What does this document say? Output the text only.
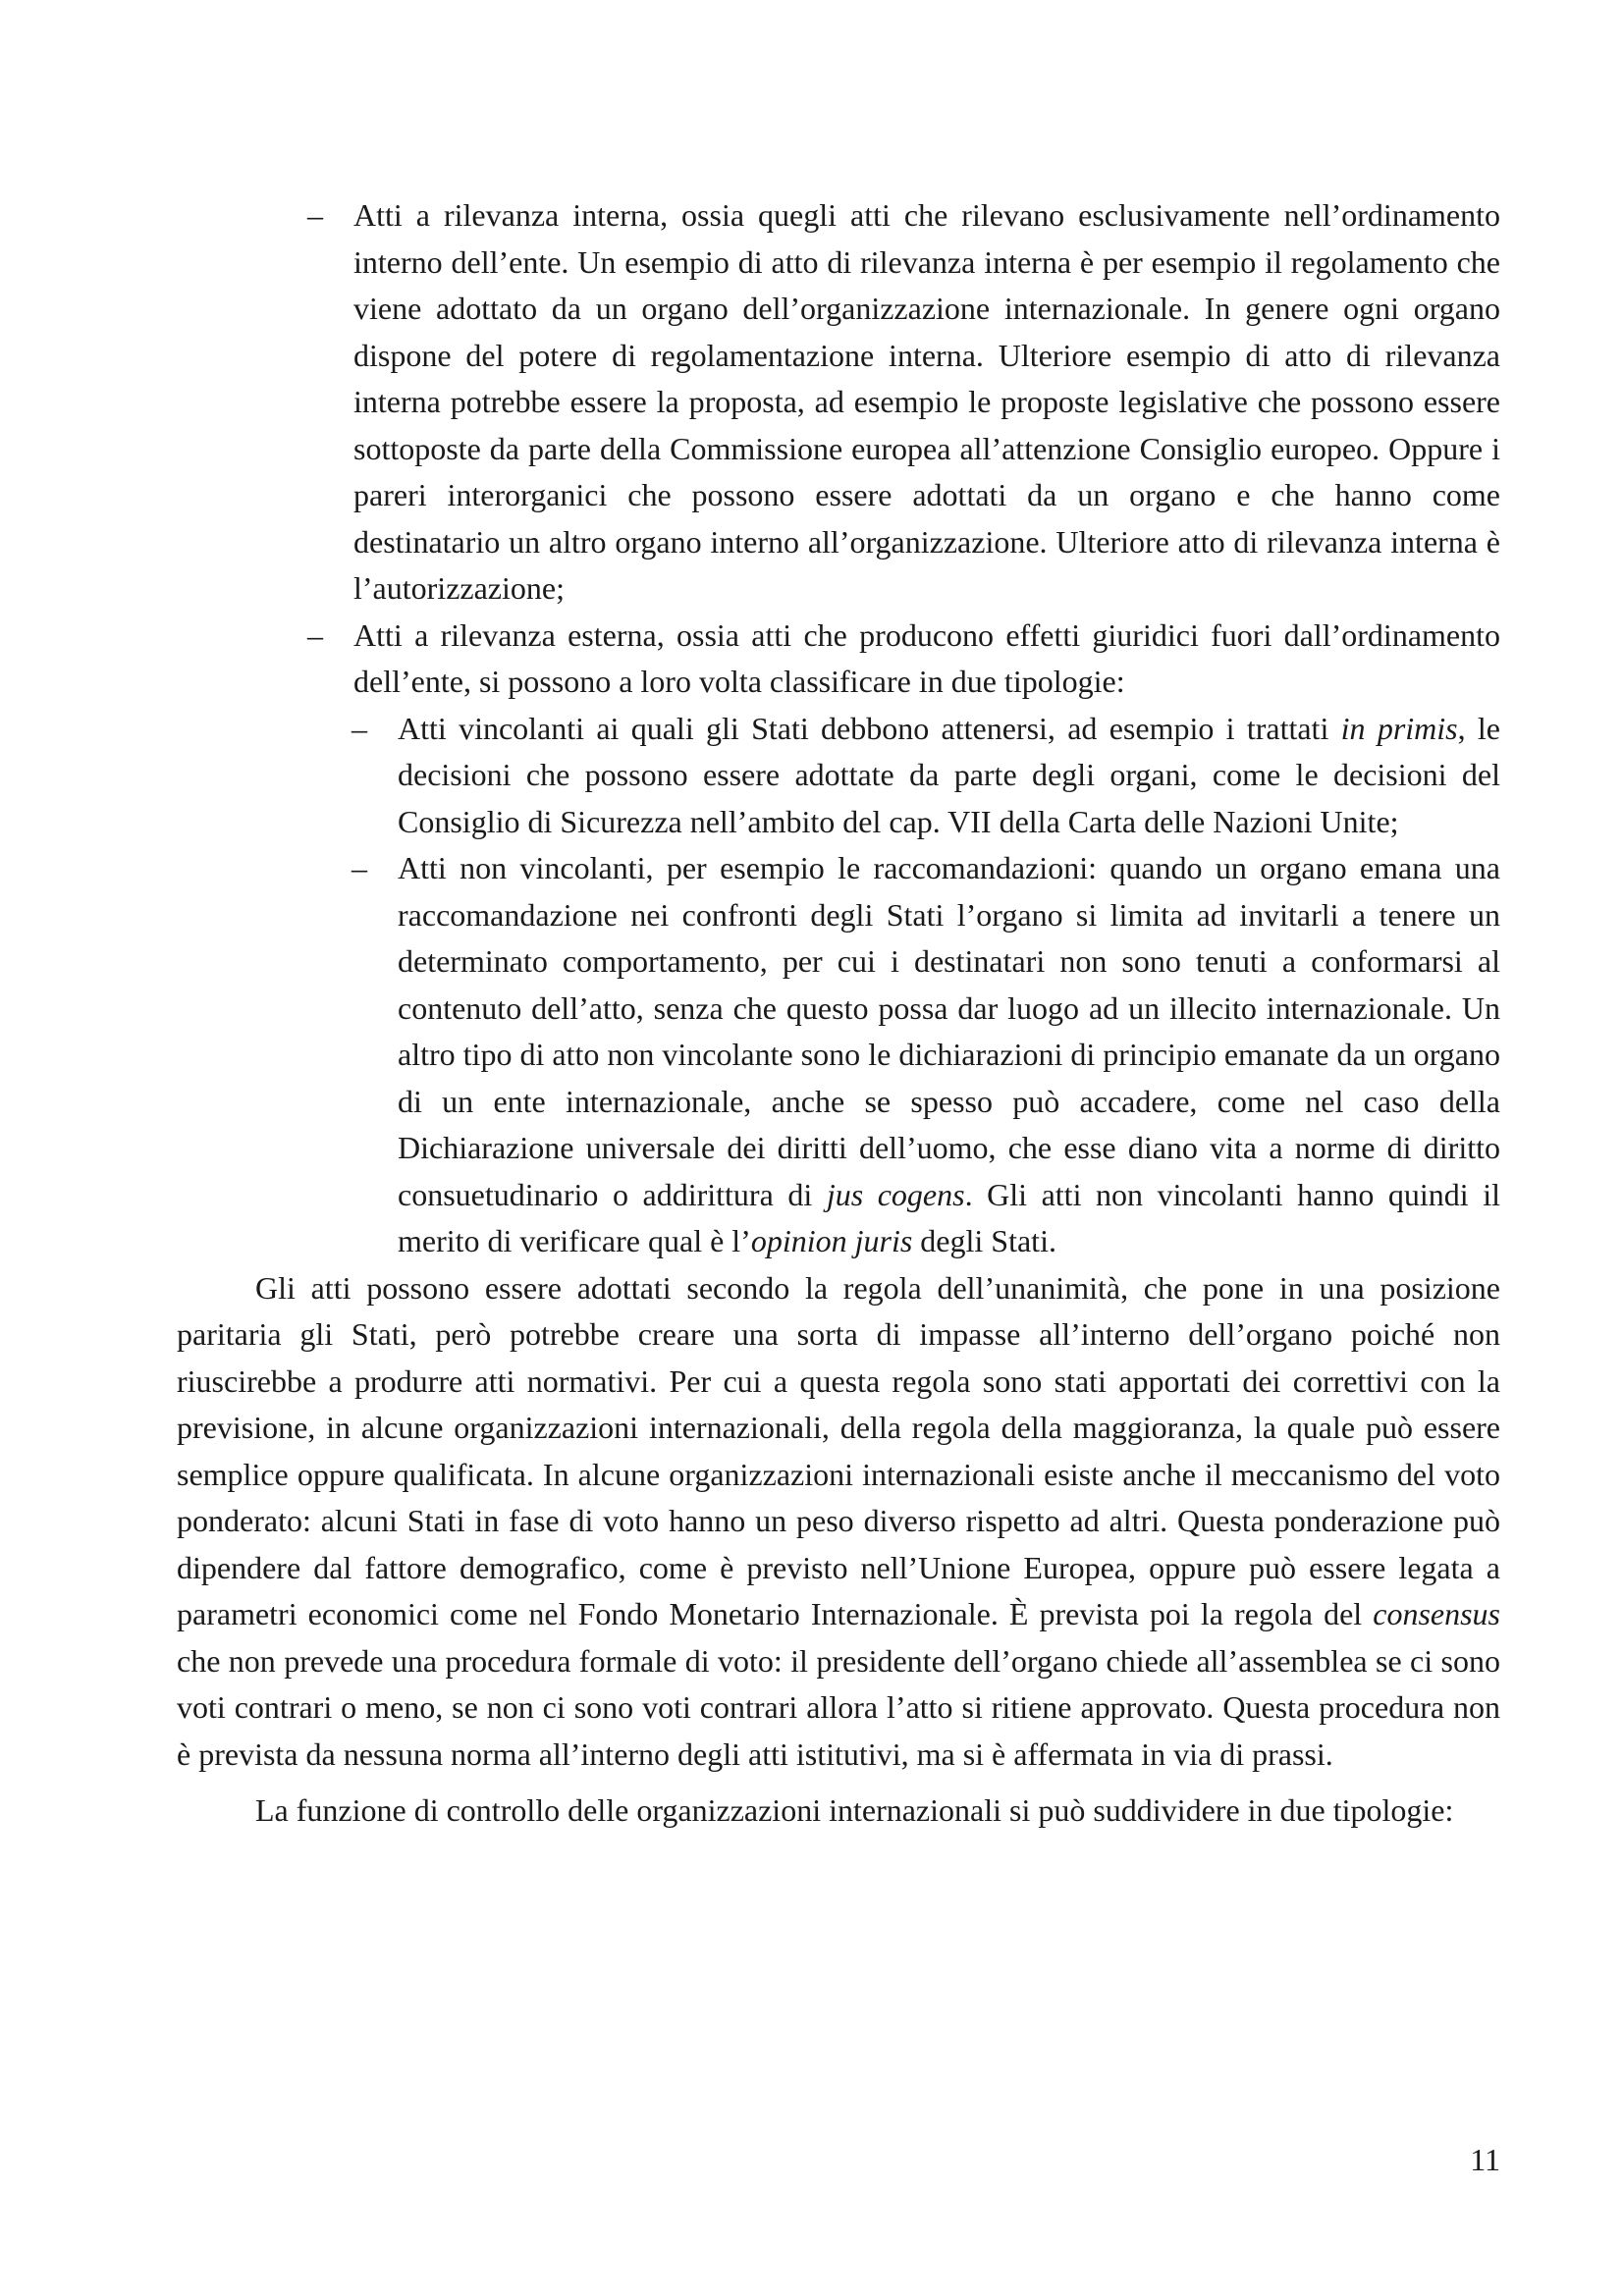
– Atti a rilevanza interna, ossia quegli atti che rilevano esclusivamente nell’ordinamento interno dell’ente. Un esempio di atto di rilevanza interna è per esempio il regolamento che viene adottato da un organo dell’organizzazione internazionale. In genere ogni organo dispone del potere di regolamentazione interna. Ulteriore esempio di atto di rilevanza interna potrebbe essere la proposta, ad esempio le proposte legislative che possono essere sottoposte da parte della Commissione europea all’attenzione Consiglio europeo. Oppure i pareri interorganici che possono essere adottati da un organo e che hanno come destinatario un altro organo interno all’organizzazione. Ulteriore atto di rilevanza interna è l’autorizzazione;

– Atti a rilevanza esterna, ossia atti che producono effetti giuridici fuori dall’ordinamento dell’ente, si possono a loro volta classificare in due tipologie:

– Atti vincolanti ai quali gli Stati debbono attenersi, ad esempio i trattati in primis, le decisioni che possono essere adottate da parte degli organi, come le decisioni del Consiglio di Sicurezza nell’ambito del cap. VII della Carta delle Nazioni Unite;

– Atti non vincolanti, per esempio le raccomandazioni: quando un organo emana una raccomandazione nei confronti degli Stati l’organo si limita ad invitarli a tenere un determinato comportamento, per cui i destinatari non sono tenuti a conformarsi al contenuto dell’atto, senza che questo possa dar luogo ad un illecito internazionale. Un altro tipo di atto non vincolante sono le dichiarazioni di principio emanate da un organo di un ente internazionale, anche se spesso può accadere, come nel caso della Dichiarazione universale dei diritti dell’uomo, che esse diano vita a norme di diritto consuetudinario o addirittura di jus cogens. Gli atti non vincolanti hanno quindi il merito di verificare qual è l’opinion juris degli Stati.

Gli atti possono essere adottati secondo la regola dell’unanimità, che pone in una posizione paritaria gli Stati, però potrebbe creare una sorta di impasse all’interno dell’organo poiché non riuscirebbe a produrre atti normativi. Per cui a questa regola sono stati apportati dei correttivi con la previsione, in alcune organizzazioni internazionali, della regola della maggioranza, la quale può essere semplice oppure qualificata. In alcune organizzazioni internazionali esiste anche il meccanismo del voto ponderato: alcuni Stati in fase di voto hanno un peso diverso rispetto ad altri. Questa ponderazione può dipendere dal fattore demografico, come è previsto nell’Unione Europea, oppure può essere legata a parametri economici come nel Fondo Monetario Internazionale. È prevista poi la regola del consensus che non prevede una procedura formale di voto: il presidente dell’organo chiede all’assemblea se ci sono voti contrari o meno, se non ci sono voti contrari allora l’atto si ritiene approvato. Questa procedura non è prevista da nessuna norma all’interno degli atti istitutivi, ma si è affermata in via di prassi.

La funzione di controllo delle organizzazioni internazionali si può suddividere in due tipologie:

11
